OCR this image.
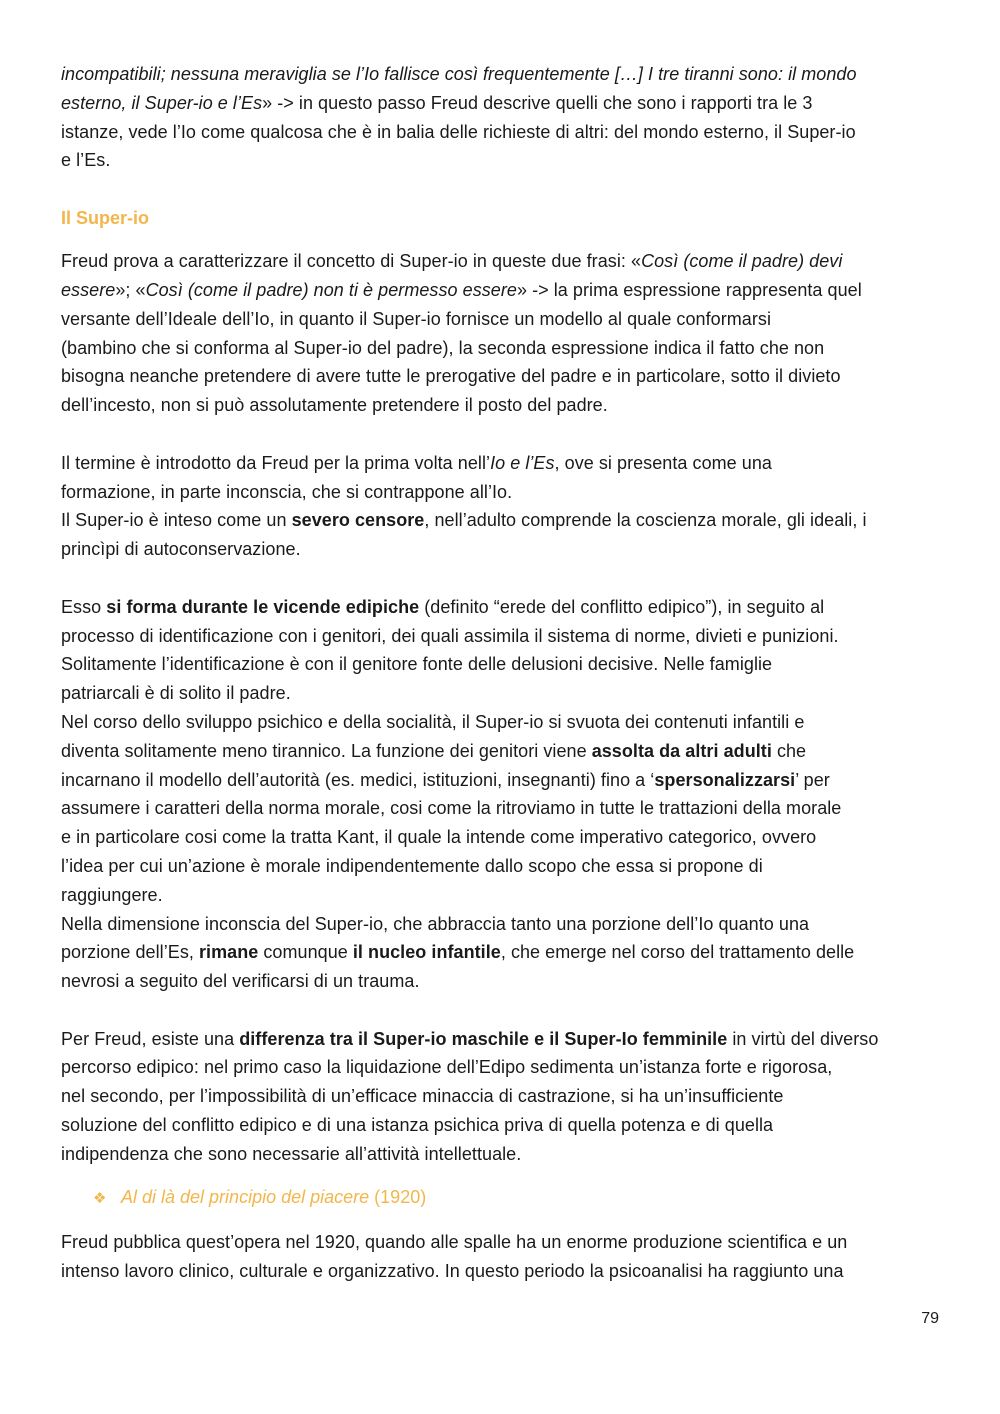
incompatibili; nessuna meraviglia se l’Io fallisce così frequentemente […] I tre tiranni sono: il mondo

esterno, il Super-io e l’Es» -> in questo passo Freud descrive quelli che sono i rapporti tra le 3

istanze, vede l’Io come qualcosa che è in balia delle richieste di altri: del mondo esterno, il Super-io

e l’Es.

Il Super-io

Freud prova a caratterizzare il concetto di Super-io in queste due frasi: «Così (come il padre) devi

essere»; «Così (come il padre) non ti è permesso essere» -> la prima espressione rappresenta quel

versante dell’Ideale dell’Io, in quanto il Super-io fornisce un modello al quale conformarsi

(bambino che si conforma al Super-io del padre), la seconda espressione indica il fatto che non

bisogna neanche pretendere di avere tutte le prerogative del padre e in particolare, sotto il divieto

dell’incesto, non si può assolutamente pretendere il posto del padre.

Il termine è introdotto da Freud per la prima volta nell’Io e l’Es, ove si presenta come una

formazione, in parte inconscia, che si contrappone all’Io.

Il Super-io è inteso come un severo censore, nell’adulto comprende la coscienza morale, gli ideali, i

princìpi di autoconservazione.

Esso si forma durante le vicende edipiche (definito “erede del conflitto edipico”), in seguito al

processo di identificazione con i genitori, dei quali assimila il sistema di norme, divieti e punizioni.

Solitamente l’identificazione è con il genitore fonte delle delusioni decisive. Nelle famiglie

patriarcali è di solito il padre.

Nel corso dello sviluppo psichico e della socialità, il Super-io si svuota dei contenuti infantili e

diventa solitamente meno tirannico. La funzione dei genitori viene assolta da altri adulti che

incarnano il modello dell’autorità (es. medici, istituzioni, insegnanti) fino a ‘spersonalizzarsi’ per

assumere i caratteri della norma morale, cosi come la ritroviamo in tutte le trattazioni della morale

e in particolare cosi come la tratta Kant, il quale la intende come imperativo categorico, ovvero

l’idea per cui un’azione è morale indipendentemente dallo scopo che essa si propone di

raggiungere.

Nella dimensione inconscia del Super-io, che abbraccia tanto una porzione dell’Io quanto una

porzione dell’Es, rimane comunque il nucleo infantile, che emerge nel corso del trattamento delle

nevrosi a seguito del verificarsi di un trauma.

Per Freud, esiste una differenza tra il Super-io maschile e il Super-Io femminile in virtù del diverso

percorso edipico: nel primo caso la liquidazione dell’Edipo sedimenta un’istanza forte e rigorosa,

nel secondo, per l’impossibilità di un’efficace minaccia di castrazione, si ha un’insufficiente

soluzione del conflitto edipico e di una istanza psichica priva di quella potenza e di quella

indipendenza che sono necessarie all’attività intellettuale.

❖ Al di là del principio del piacere (1920)

Freud pubblica quest’opera nel 1920, quando alle spalle ha un enorme produzione scientifica e un

intenso lavoro clinico, culturale e organizzativo. In questo periodo la psicoanalisi ha raggiunto una

79
